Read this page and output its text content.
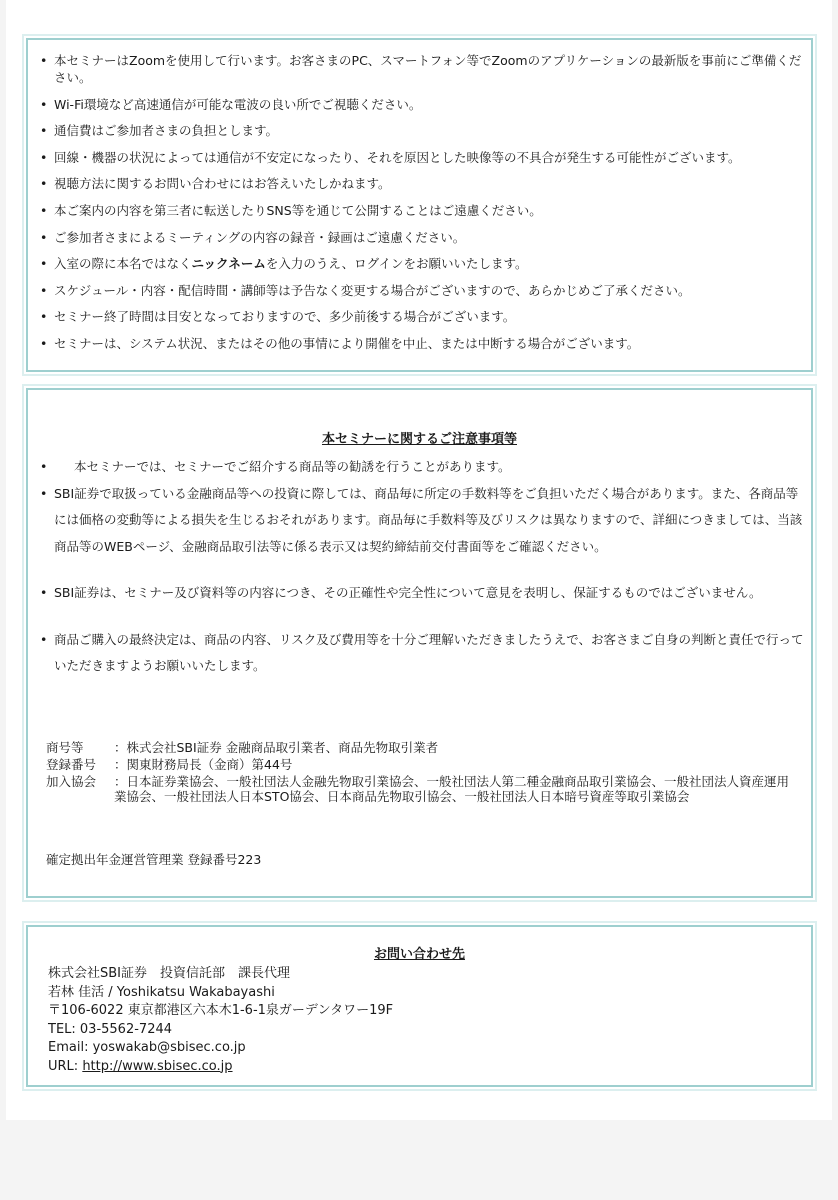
• 本セミナーはZoomを使用して行います。お客さまのPC、スマートフォン等でZoomのアプリケーションの最新版を事前にご準備ください。
• Wi-Fi環境など高速通信が可能な電波の良い所でご視聴ください。
• 通信費はご参加者さまの負担とします。
• 回線・機器の状況によっては通信が不安定になったり、それを原因とした映像等の不具合が発生する可能性がございます。
• 視聴方法に関するお問い合わせにはお答えいたしかねます。
• 本ご案内の内容を第三者に転送したりSNS等を通じて公開することはご遠慮ください。
• ご参加者さまによるミーティングの内容の録音・録画はご遠慮ください。
• 入室の際に本名ではなくニックネームを入力のうえ、ログインをお願いいたします。
• スケジュール・内容・配信時間・講師等は予告なく変更する場合がございますので、あらかじめご了承ください。
• セミナー終了時間は目安となっておりますので、多少前後する場合がございます。
• セミナーは、システム状況、またはその他の事情により開催を中止、または中断する場合がございます。

本セミナーに関するご注意事項等

• 本セミナーでは、セミナーでご紹介する商品等の勧誘を行うことがあります。
• SBI証券で取扱っている金融商品等への投資に際しては、商品毎に所定の手数料等をご負担いただく場合があります。また、各商品等には価格の変動等による損失を生じるおそれがあります。商品毎に手数料等及びリスクは異なりますので、詳細につきましては、当該商品等のWEBページ、金融商品取引法等に係る表示又は契約締結前交付書面等をご確認ください。
• SBI証券は、セミナー及び資料等の内容につき、その正確性や完全性について意見を表明し、保証するものではございません。
• 商品ご購入の最終決定は、商品の内容、リスク及び費用等を十分ご理解いただきましたうえで、お客さまご自身の判断と責任で行っていただきますようお願いいたします。
商号等	：株式会社SBI証券 金融商品取引業者、商品先物取引業者
登録番号	：関東財務局長（金商）第44号
加入協会	：日本証券業協会、一般社団法人金融先物取引業協会、一般社団法人第二種金融商品取引業協会、一般社団法人資産運用　業協会、一般社団法人日本STO協会、日本商品先物取引協会、一般社団法人日本暗号資産等取引業協会
確定拠出年金運営管理業 登録番号223

お問い合わせ先

株式会社SBI証券　投資信託部　課長代理
若林 佳活 / Yoshikatsu Wakabayashi
〒106-6022 東京都港区六本木1-6-1泉ガーデンタワー19F
TEL: 03-5562-7244
Email: yoswakab@sbisec.co.jp
URL: http://www.sbisec.co.jp
